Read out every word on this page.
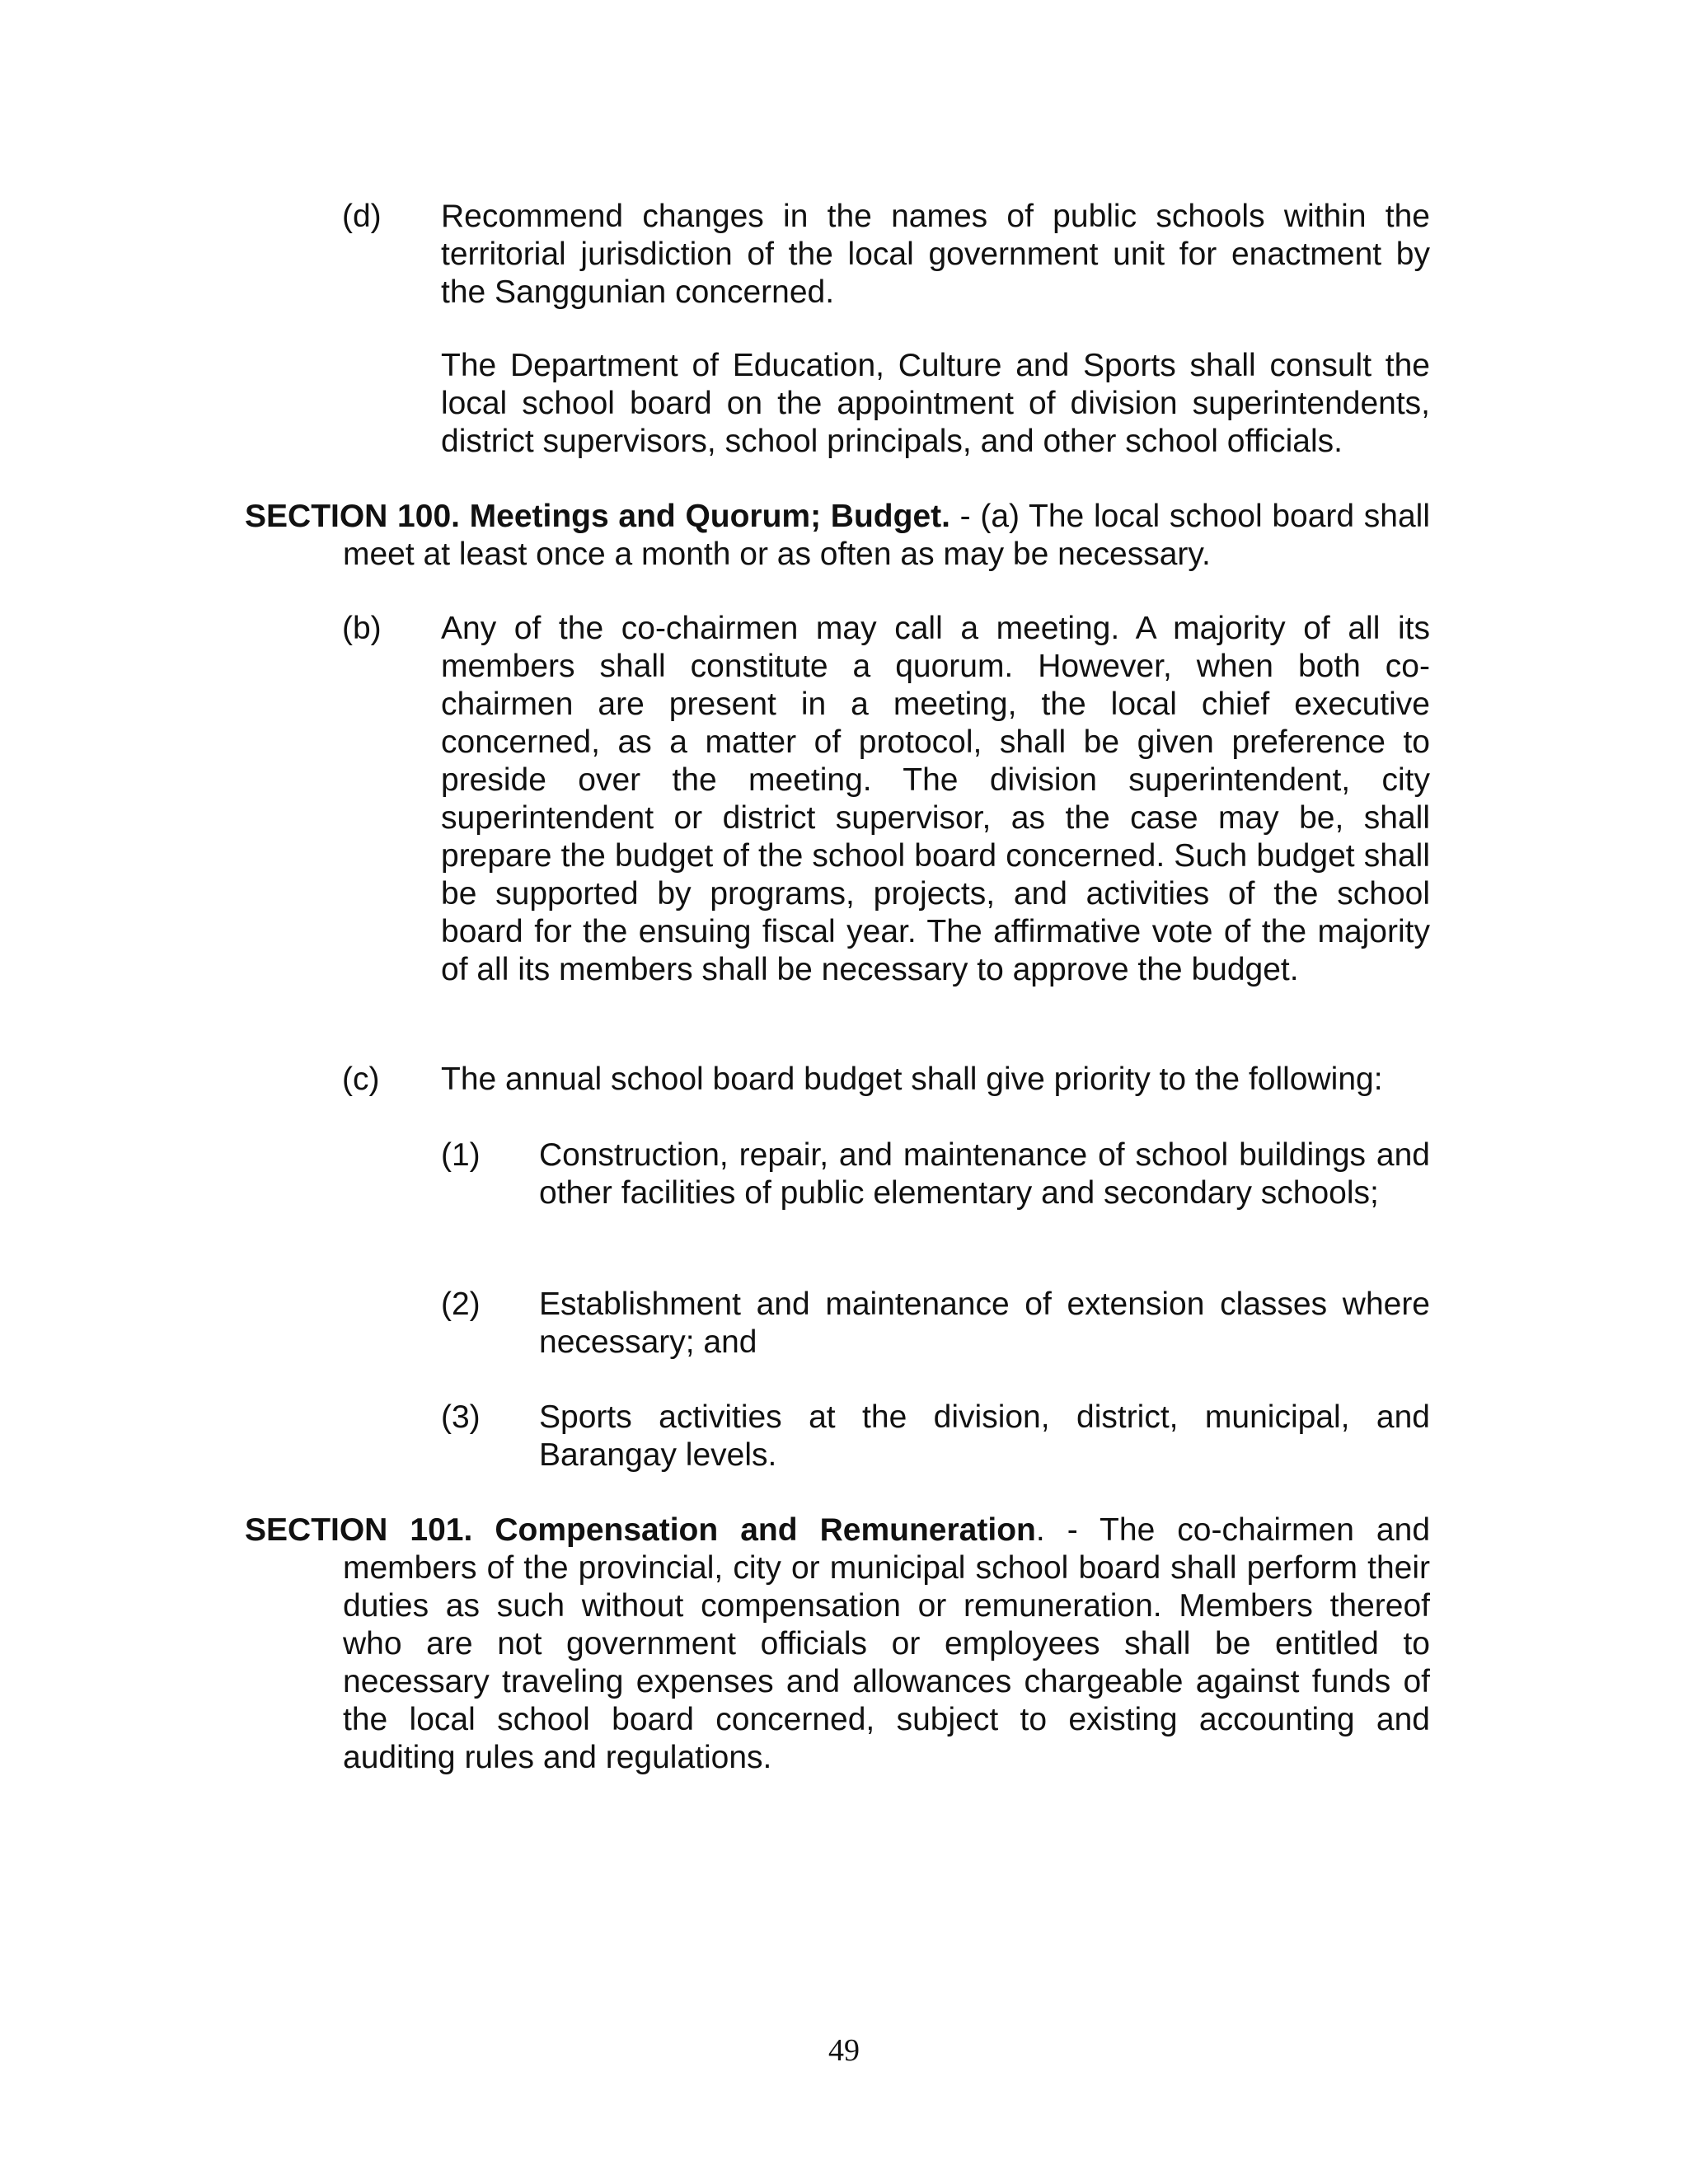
(d) Recommend changes in the names of public schools within the territorial jurisdiction of the local government unit for enactment by the Sanggunian concerned.
The Department of Education, Culture and Sports shall consult the local school board on the appointment of division superintendents, district supervisors, school principals, and other school officials.
SECTION 100. Meetings and Quorum; Budget. - (a) The local school board shall meet at least once a month or as often as may be necessary.
(b) Any of the co-chairmen may call a meeting. A majority of all its members shall constitute a quorum. However, when both co-chairmen are present in a meeting, the local chief executive concerned, as a matter of protocol, shall be given preference to preside over the meeting. The division superintendent, city superintendent or district supervisor, as the case may be, shall prepare the budget of the school board concerned. Such budget shall be supported by programs, projects, and activities of the school board for the ensuing fiscal year. The affirmative vote of the majority of all its members shall be necessary to approve the budget.
(c) The annual school board budget shall give priority to the following:
(1) Construction, repair, and maintenance of school buildings and other facilities of public elementary and secondary schools;
(2) Establishment and maintenance of extension classes where necessary; and
(3) Sports activities at the division, district, municipal, and Barangay levels.
SECTION 101. Compensation and Remuneration. - The co-chairmen and members of the provincial, city or municipal school board shall perform their duties as such without compensation or remuneration. Members thereof who are not government officials or employees shall be entitled to necessary traveling expenses and allowances chargeable against funds of the local school board concerned, subject to existing accounting and auditing rules and regulations.
49
